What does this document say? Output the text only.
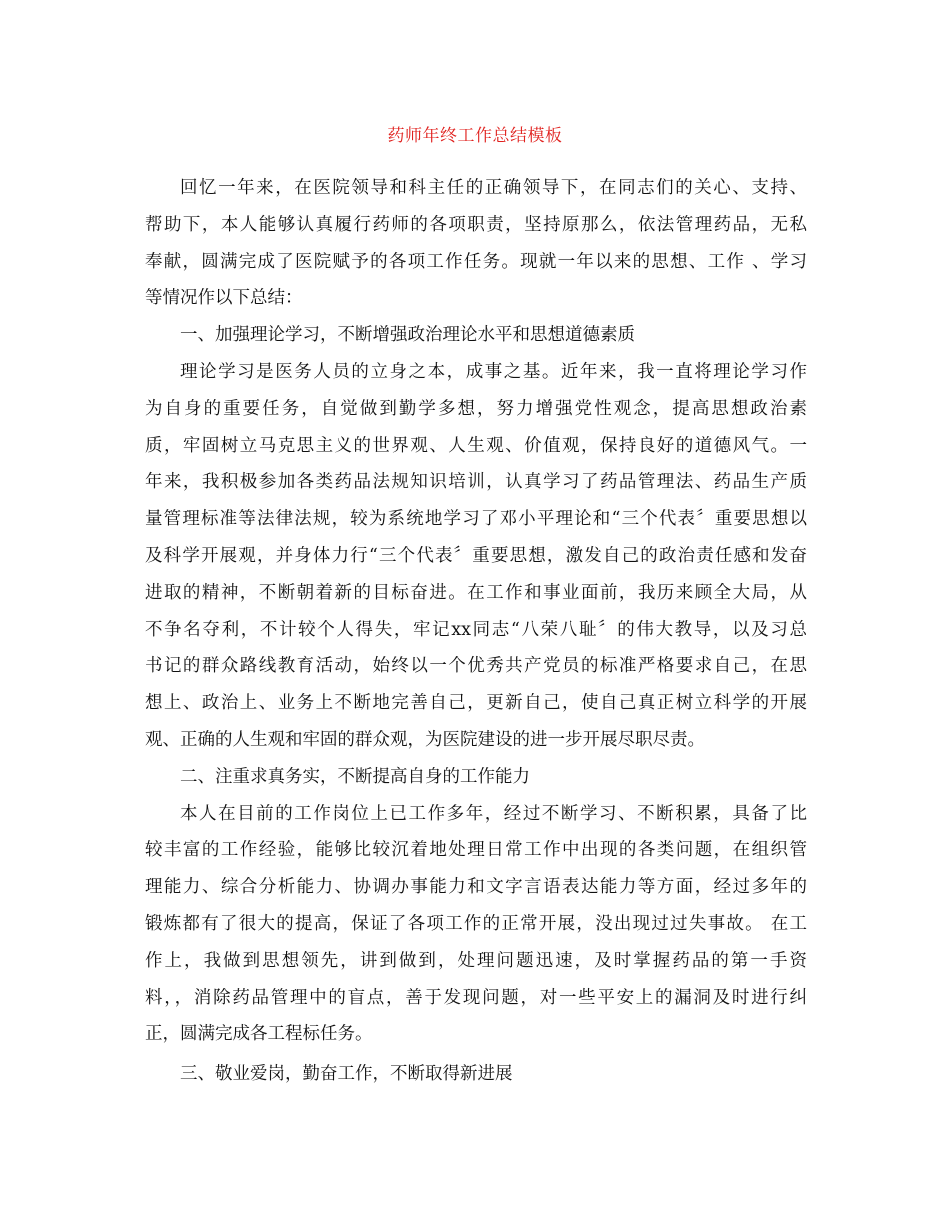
药师年终工作总结模板
回忆一年来，在医院领导和科主任的正确领导下，在同志们的关心、支持、
帮助下，本人能够认真履行药师的各项职责，坚持原那么，依法管理药品，无私
奉献，圆满完成了医院赋予的各项工作任务。现就一年以来的思想、工作 、学习
等情况作以下总结：
一、加强理论学习，不断增强政治理论水平和思想道德素质
理论学习是医务人员的立身之本，成事之基。近年来，我一直将理论学习作
为自身的重要任务，自觉做到勤学多想，努力增强党性观念，提高思想政治素
质，牢固树立马克思主义的世界观、人生观、价值观，保持良好的道德风气。一
年来，我积极参加各类药品法规知识培训，认真学习了药品管理法、药品生产质
量管理标准等法律法规，较为系统地学习了邓小平理论和“三个代表〞重要思想以
及科学开展观，并身体力行“三个代表〞重要思想，激发自己的政治责任感和发奋
进取的精神，不断朝着新的目标奋进。在工作和事业面前，我历来顾全大局，从
不争名夺利，不计较个人得失，牢记xx同志“八荣八耻〞的伟大教导，以及习总
书记的群众路线教育活动，始终以一个优秀共产党员的标准严格要求自己，在思
想上、政治上、业务上不断地完善自己，更新自己，使自己真正树立科学的开展
观、正确的人生观和牢固的群众观，为医院建设的进一步开展尽职尽责。
二、注重求真务实，不断提高自身的工作能力
本人在目前的工作岗位上已工作多年，经过不断学习、不断积累，具备了比
较丰富的工作经验，能够比较沉着地处理日常工作中出现的各类问题，在组织管
理能力、综合分析能力、协调办事能力和文字言语表达能力等方面，经过多年的
锻炼都有了很大的提高，保证了各项工作的正常开展，没出现过过失事故。 在工
作上，我做到思想领先，讲到做到，处理问题迅速，及时掌握药品的第一手资
料，，消除药品管理中的盲点，善于发现问题，对一些平安上的漏洞及时进行纠
正，圆满完成各工程标任务。
三、敬业爱岗，勤奋工作，不断取得新进展
